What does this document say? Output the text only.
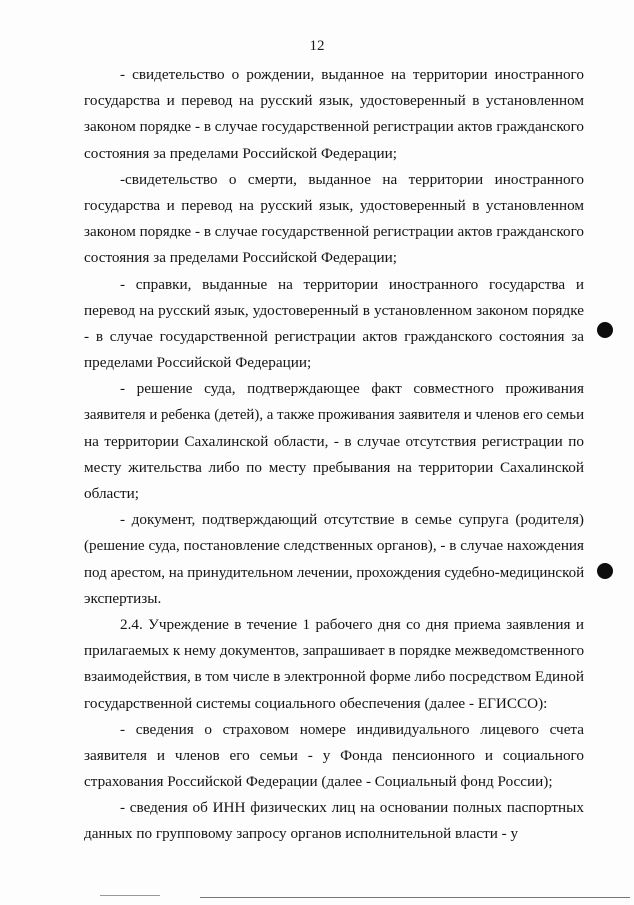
12
- свидетельство о рождении, выданное на территории иностранного
государства и перевод на русский язык, удостоверенный в установленном
законом порядке - в случае государственной регистрации актов гражданского
состояния за пределами Российской Федерации;
-свидетельство о смерти, выданное на территории иностранного
государства и перевод на русский язык, удостоверенный в установленном
законом порядке - в случае государственной регистрации актов гражданского
состояния за пределами Российской Федерации;
- справки, выданные на территории иностранного государства и
перевод на русский язык, удостоверенный в установленном законом порядке
- в случае государственной регистрации актов гражданского состояния за
пределами Российской Федерации;
- решение суда, подтверждающее факт совместного проживания
заявителя и ребенка (детей), а также проживания заявителя и членов его семьи
на территории Сахалинской области, - в случае отсутствия регистрации по
месту жительства либо по месту пребывания на территории Сахалинской
области;
- документ, подтверждающий отсутствие в семье супруга (родителя)
(решение суда, постановление следственных органов), - в случае нахождения
под арестом, на принудительном лечении, прохождения судебно-медицинской
экспертизы.
2.4. Учреждение в течение 1 рабочего дня со дня приема заявления и
прилагаемых к нему документов, запрашивает в порядке межведомственного
взаимодействия, в том числе в электронной форме либо посредством Единой
государственной системы социального обеспечения (далее - ЕГИССО):
- сведения о страховом номере индивидуального лицевого счета
заявителя и членов его семьи - у Фонда пенсионного и социального
страхования Российской Федерации (далее - Социальный фонд России);
- сведения об ИНН физических лиц на основании полных паспортных
данных по групповому запросу органов исполнительной власти - у
